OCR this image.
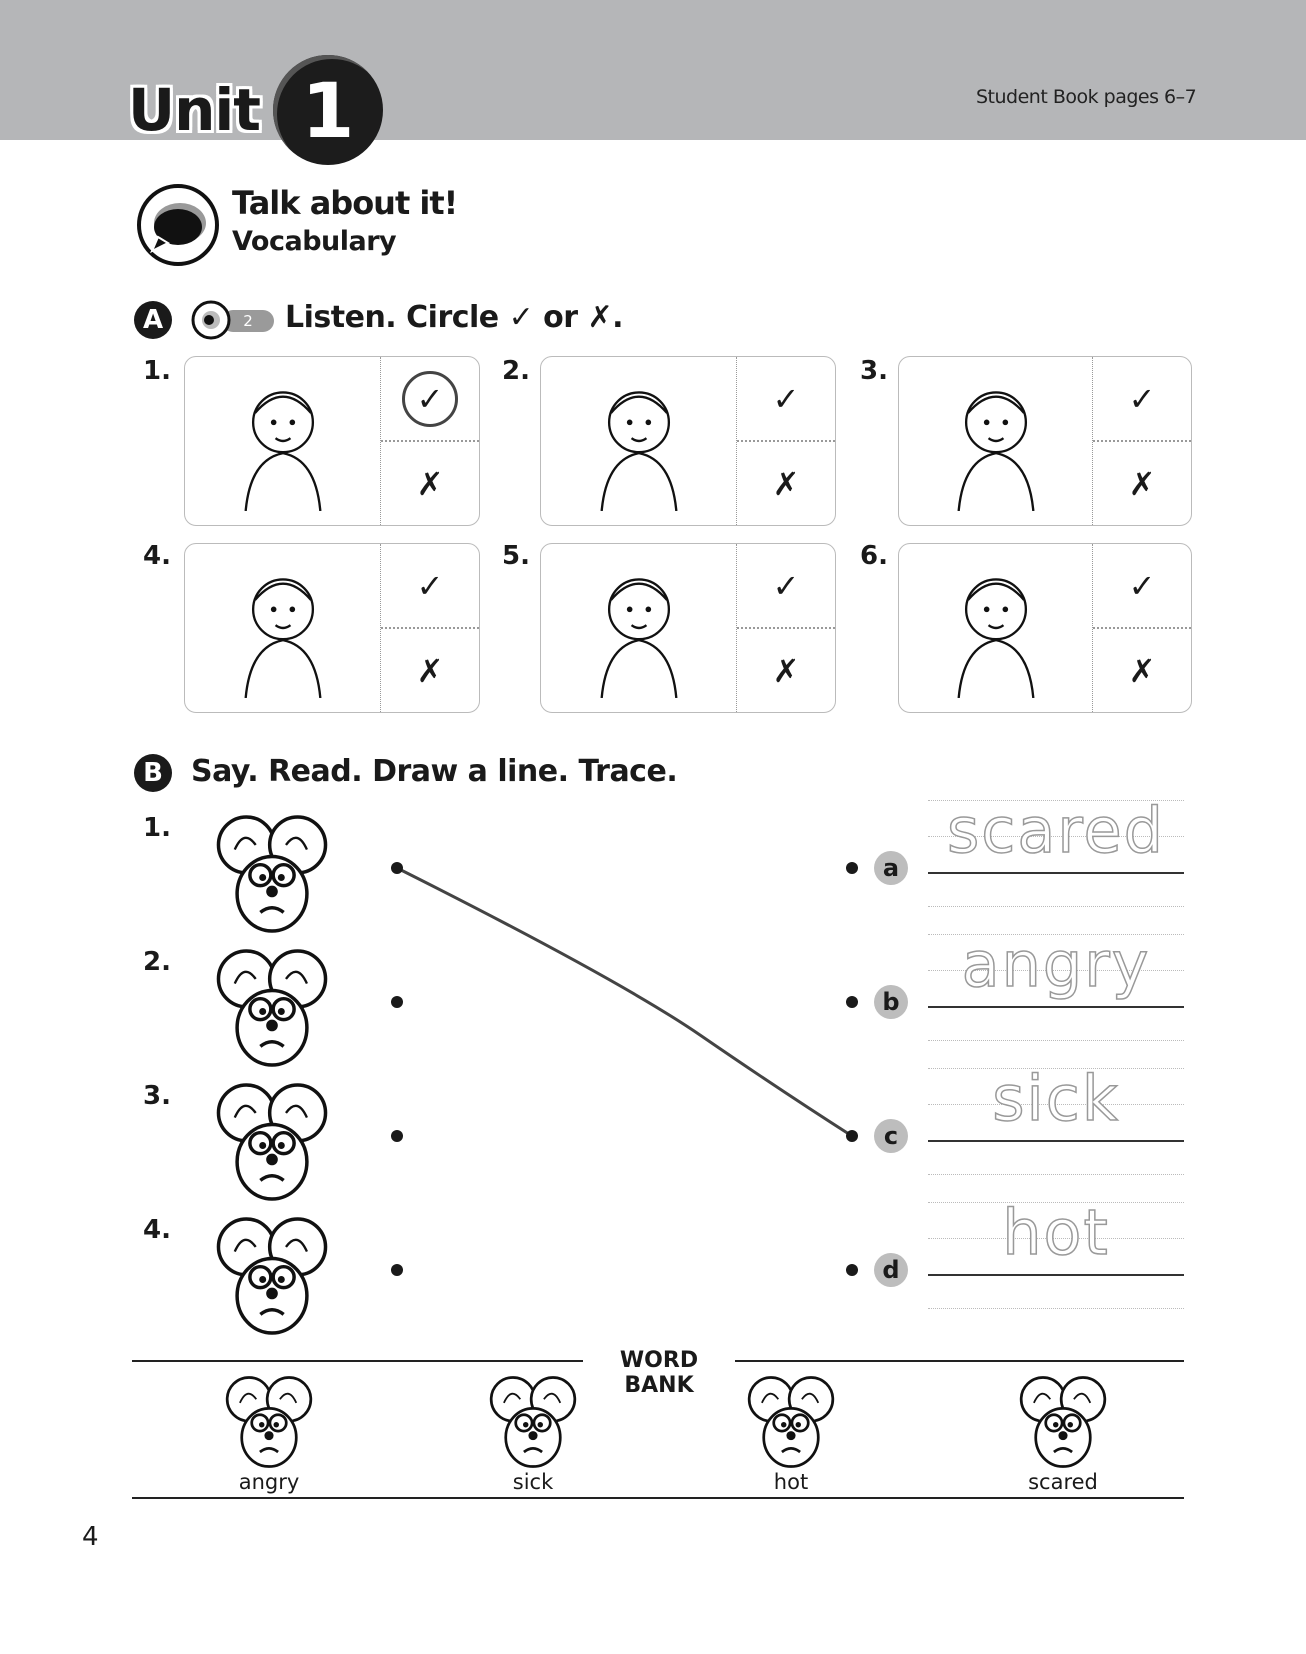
Unit 1	Student Book pages 6–7
Talk about it!
Vocabulary
A	2	Listen. Circle ✓ or ✗.
1.
✓
✗
2.
✓
✗
3.
✓
✗
4.
✓
✗
5.
✓
✗
6.
✓
✗
B Say. Read. Draw a line. Trace.
1.
2.
3.
4.
a
scared
b
angry
c
sick
d
hot
WORD BANK
angry	sick	hot	scared
4
